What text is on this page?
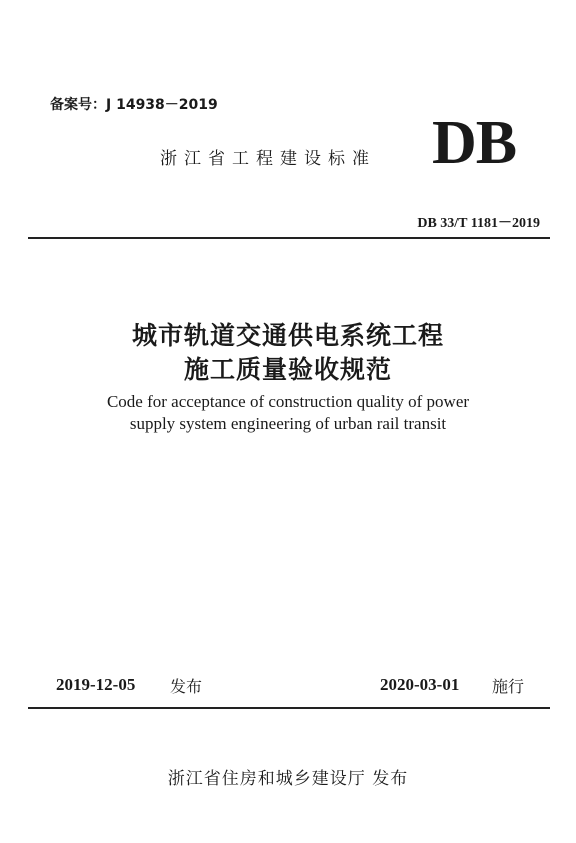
备案号：J 14938－2019
浙江省工程建设标准 DB
DB 33/T 1181－2019
城市轨道交通供电系统工程
施工质量验收规范
Code for acceptance of construction quality of power
supply system engineering of urban rail transit
2019-12-05 发布	2020-03-01 施行
浙江省住房和城乡建设厅 发布
